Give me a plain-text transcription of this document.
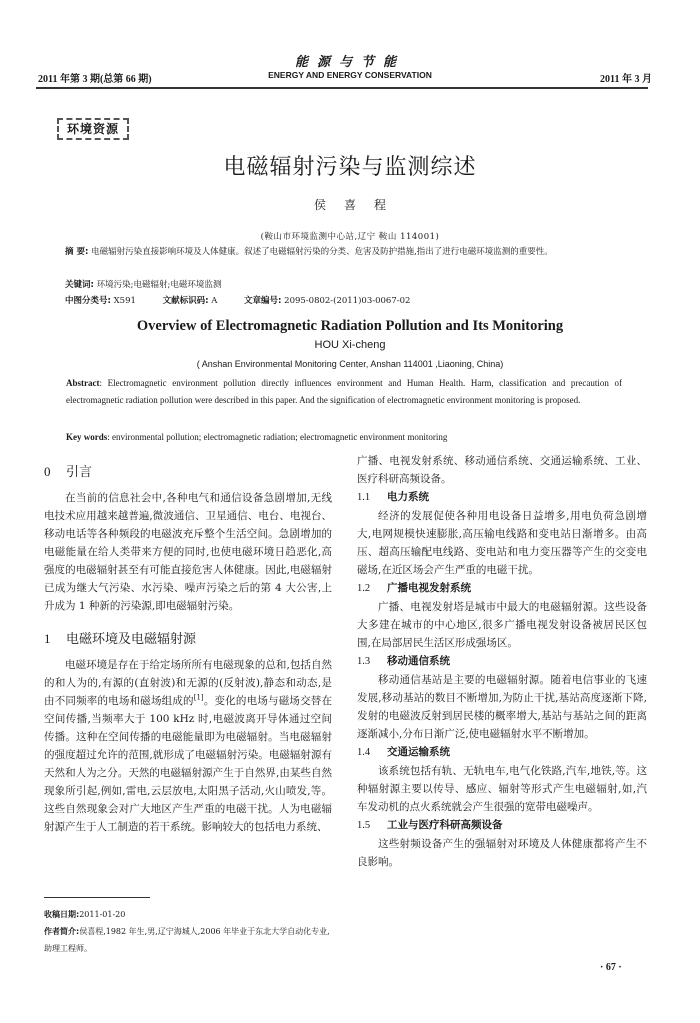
2011 年第 3 期(总第 66 期)
能源与节能
ENERGY AND ENERGY CONSERVATION	2011 年 3 月
环境资源
电磁辐射污染与监测综述
侯喜程
(鞍山市环境监测中心站,辽宁 鞍山 114001)
摘 要: 电磁辐射污染直接影响环境及人体健康。叙述了电磁辐射污染的分类、危害及防护措施,指出了进行电磁环境监测的重要性。
关键词: 环境污染;电磁辐射;电磁环境监测
中图分类号: X591	文献标识码: A	文章编号: 2095-0802-(2011)03-0067-02
Overview of Electromagnetic Radiation Pollution and Its Monitoring
HOU Xi-cheng
( Anshan Environmental Monitoring Center, Anshan 114001 ,Liaoning, China)
Abstract: Electromagnetic environment pollution directly influences environment and Human Health. Harm, classification and precaution of electromagnetic radiation pollution were described in this paper. And the signification of electromagnetic environment monitoring is proposed.
Key words: environmental pollution; electromagnetic radiation; electromagnetic environment monitoring
0 引言

在当前的信息社会中,各种电气和通信设备急剧增加,无线电技术应用越来越普遍,微波通信、卫星通信、电台、电视台、移动电话等各种频段的电磁波充斥整个生活空间。急剧增加的电磁能量在给人类带来方便的同时,也使电磁环境日趋恶化,高强度的电磁辐射甚至有可能直接危害人体健康。因此,电磁辐射已成为继大气污染、水污染、噪声污染之后的第 4 大公害,上升成为 1 种新的污染源,即电磁辐射污染。

1 电磁环境及电磁辐射源

电磁环境是存在于给定场所所有电磁现象的总和,包括自然的和人为的,有源的(直射波)和无源的(反射波),静态和动态,是由不同频率的电场和磁场组成的[1]。变化的电场与磁场交替在空间传播,当频率大于 100 kHz 时,电磁波离开导体通过空间传播。这种在空间传播的电磁能量即为电磁辐射。当电磁辐射的强度超过允许的范围,就形成了电磁辐射污染。电磁辐射源有天然和人为之分。天然的电磁辐射源产生于自然界,由某些自然现象所引起,例如,雷电,云层放电,太阳黑子活动,火山喷发,等。这些自然现象会对广大地区产生严重的电磁干扰。人为电磁辐射源产生于人工制造的若干系统。影响较大的包括电力系统、

收稿日期:2011-01-20
作者简介:侯喜程,1982 年生,男,辽宁海城人,2006 年毕业于东北大学自动化专业,助理工程师。

广播、电视发射系统、移动通信系统、交通运输系统、工业、医疗科研高频设备。

1.1 电力系统

经济的发展促使各种用电设备日益增多,用电负荷急剧增大,电网规模快速膨胀,高压输电线路和变电站日渐增多。由高压、超高压输配电线路、变电站和电力变压器等产生的交变电磁场,在近区场会产生严重的电磁干扰。

1.2 广播电视发射系统

广播、电视发射塔是城市中最大的电磁辐射源。这些设备大多建在城市的中心地区,很多广播电视发射设备被居民区包围,在局部居民生活区形成强场区。

1.3 移动通信系统

移动通信基站是主要的电磁辐射源。随着电信事业的飞速发展,移动基站的数目不断增加,为防止干扰,基站高度逐渐下降,发射的电磁波反射到居民楼的概率增大,基站与基站之间的距离逐渐减小,分布日渐广泛,使电磁辐射水平不断增加。

1.4 交通运输系统

该系统包括有轨、无轨电车,电气化铁路,汽车,地铁,等。这种辐射源主要以传导、感应、辐射等形式产生电磁辐射,如,汽车发动机的点火系统就会产生很强的宽带电磁噪声。

1.5 工业与医疗科研高频设备

这些射频设备产生的强辐射对环境及人体健康都将产生不良影响。

· 67 ·
